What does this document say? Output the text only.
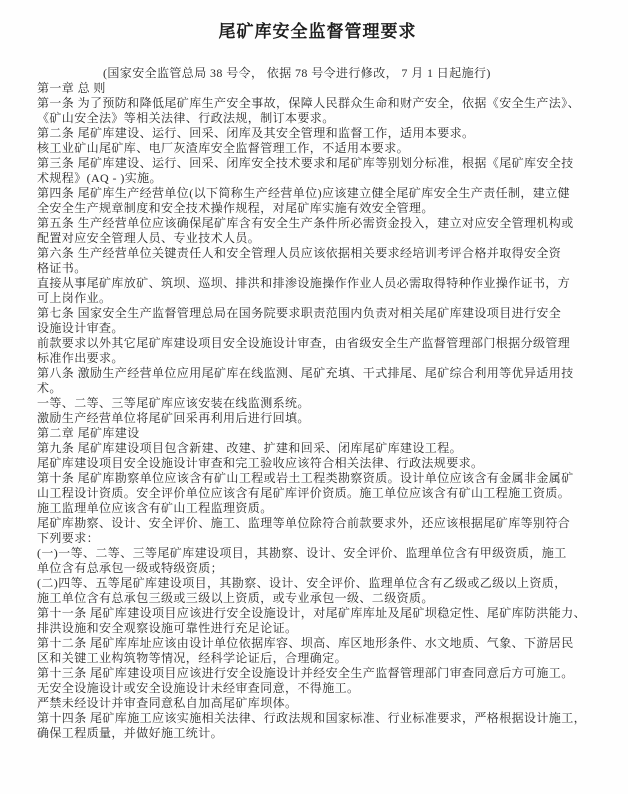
尾矿库安全监督管理要求
(国家安全监管总局 38 号令， 依据 78 号令进行修改， 7 月 1 日起施行)
第一章 总 则
第一条 为了预防和降低尾矿库生产安全事故，保障人民群众生命和财产安全，依据《安全生产法》、
《矿山安全法》等相关法律、行政法规，制订本要求。
第二条 尾矿库建设、运行、回采、闭库及其安全管理和监督工作，适用本要求。
核工业矿山尾矿库、电厂灰渣库安全监督管理工作，不适用本要求。
第三条 尾矿库建设、运行、回采、闭库安全技术要求和尾矿库等别划分标准，根据《尾矿库安全技
术规程》(AQ - )实施。
第四条 尾矿库生产经营单位(以下简称生产经营单位)应该建立健全尾矿库安全生产责任制，建立健
全安全生产规章制度和安全技术操作规程，对尾矿库实施有效安全管理。
第五条 生产经营单位应该确保尾矿库含有安全生产条件所必需资金投入，建立对应安全管理机构或
配置对应安全管理人员、专业技术人员。
第六条 生产经营单位关键责任人和安全管理人员应该依据相关要求经培训考评合格并取得安全资
格证书。
直接从事尾矿库放矿、筑坝、巡坝、排洪和排渗设施操作作业人员必需取得特种作业操作证书，方
可上岗作业。
第七条 国家安全生产监督管理总局在国务院要求职责范围内负责对相关尾矿库建设项目进行安全
设施设计审查。
前款要求以外其它尾矿库建设项目安全设施设计审查，由省级安全生产监督管理部门根据分级管理
标准作出要求。
第八条 激励生产经营单位应用尾矿库在线监测、尾矿充填、干式排尾、尾矿综合利用等优异适用技
术。
一等、二等、三等尾矿库应该安装在线监测系统。
激励生产经营单位将尾矿回采再利用后进行回填。
第二章 尾矿库建设
第九条 尾矿库建设项目包含新建、改建、扩建和回采、闭库尾矿库建设工程。
尾矿库建设项目安全设施设计审查和完工验收应该符合相关法律、行政法规要求。
第十条 尾矿库勘察单位应该含有矿山工程或岩土工程类勘察资质。设计单位应该含有金属非金属矿
山工程设计资质。安全评价单位应该含有尾矿库评价资质。施工单位应该含有矿山工程施工资质。
施工监理单位应该含有矿山工程监理资质。
尾矿库勘察、设计、安全评价、施工、监理等单位除符合前款要求外，还应该根据尾矿库等别符合
下列要求：
(一)一等、二等、三等尾矿库建设项目，其勘察、设计、安全评价、监理单位含有甲级资质，施工
单位含有总承包一级或特级资质；
(二)四等、五等尾矿库建设项目，其勘察、设计、安全评价、监理单位含有乙级或乙级以上资质，
施工单位含有总承包三级或三级以上资质，或专业承包一级、二级资质。
第十一条 尾矿库建设项目应该进行安全设施设计，对尾矿库库址及尾矿坝稳定性、尾矿库防洪能力、
排洪设施和安全观察设施可靠性进行充足论证。
第十二条 尾矿库库址应该由设计单位依据库容、坝高、库区地形条件、水文地质、气象、下游居民
区和关键工业构筑物等情况，经科学论证后，合理确定。
第十三条 尾矿库建设项目应该进行安全设施设计并经安全生产监督管理部门审查同意后方可施工。
无安全设施设计或安全设施设计未经审查同意，不得施工。
严禁未经设计并审查同意私自加高尾矿库坝体。
第十四条 尾矿库施工应该实施相关法律、行政法规和国家标准、行业标准要求，严格根据设计施工，
确保工程质量，并做好施工统计。
